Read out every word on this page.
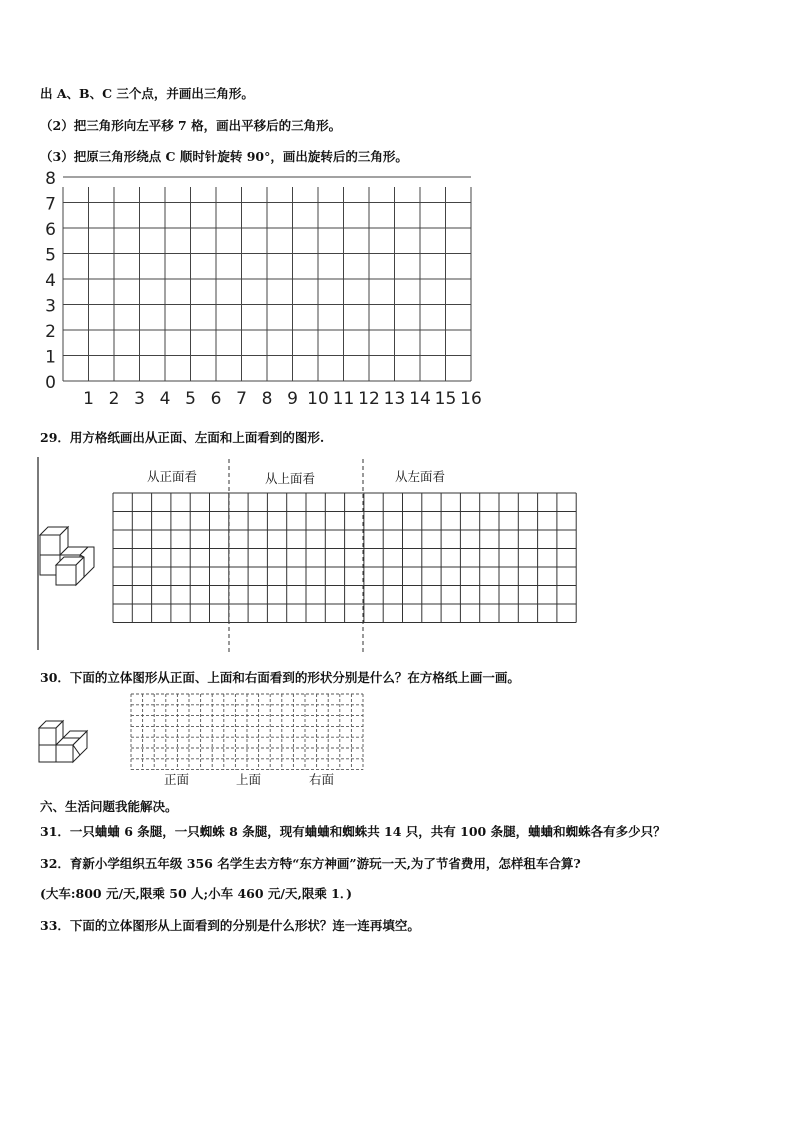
出 A、B、C 三个点，并画出三角形。
（2）把三角形向左平移 7 格，画出平移后的三角形。
（3）把原三角形绕点 C 顺时针旋转 90°，画出旋转后的三角形。
1 2 3 4 5 6 7 8 9 10 11 12 13 14 15 16
0
1
2
3
4
5
6
7
8
29．用方格纸画出从正面、左面和上面看到的图形.
从正面看	从上面看	从左面看
30．下面的立体图形从正面、上面和右面看到的形状分别是什么？在方格纸上画一画。
正面	上面	右面
六、生活问题我能解决。
31．一只蛐蛐 6 条腿，一只蜘蛛 8 条腿，现有蛐蛐和蜘蛛共 14 只，共有 100 条腿，蛐蛐和蜘蛛各有多少只？
32．育新小学组织五年级 356 名学生去方特“东方神画”游玩一天,为了节省费用，怎样租车合算?
(大车:800 元/天,限乘 50 人;小车 460 元/天,限乘 1．)
33．下面的立体图形从上面看到的分别是什么形状？连一连再填空。
